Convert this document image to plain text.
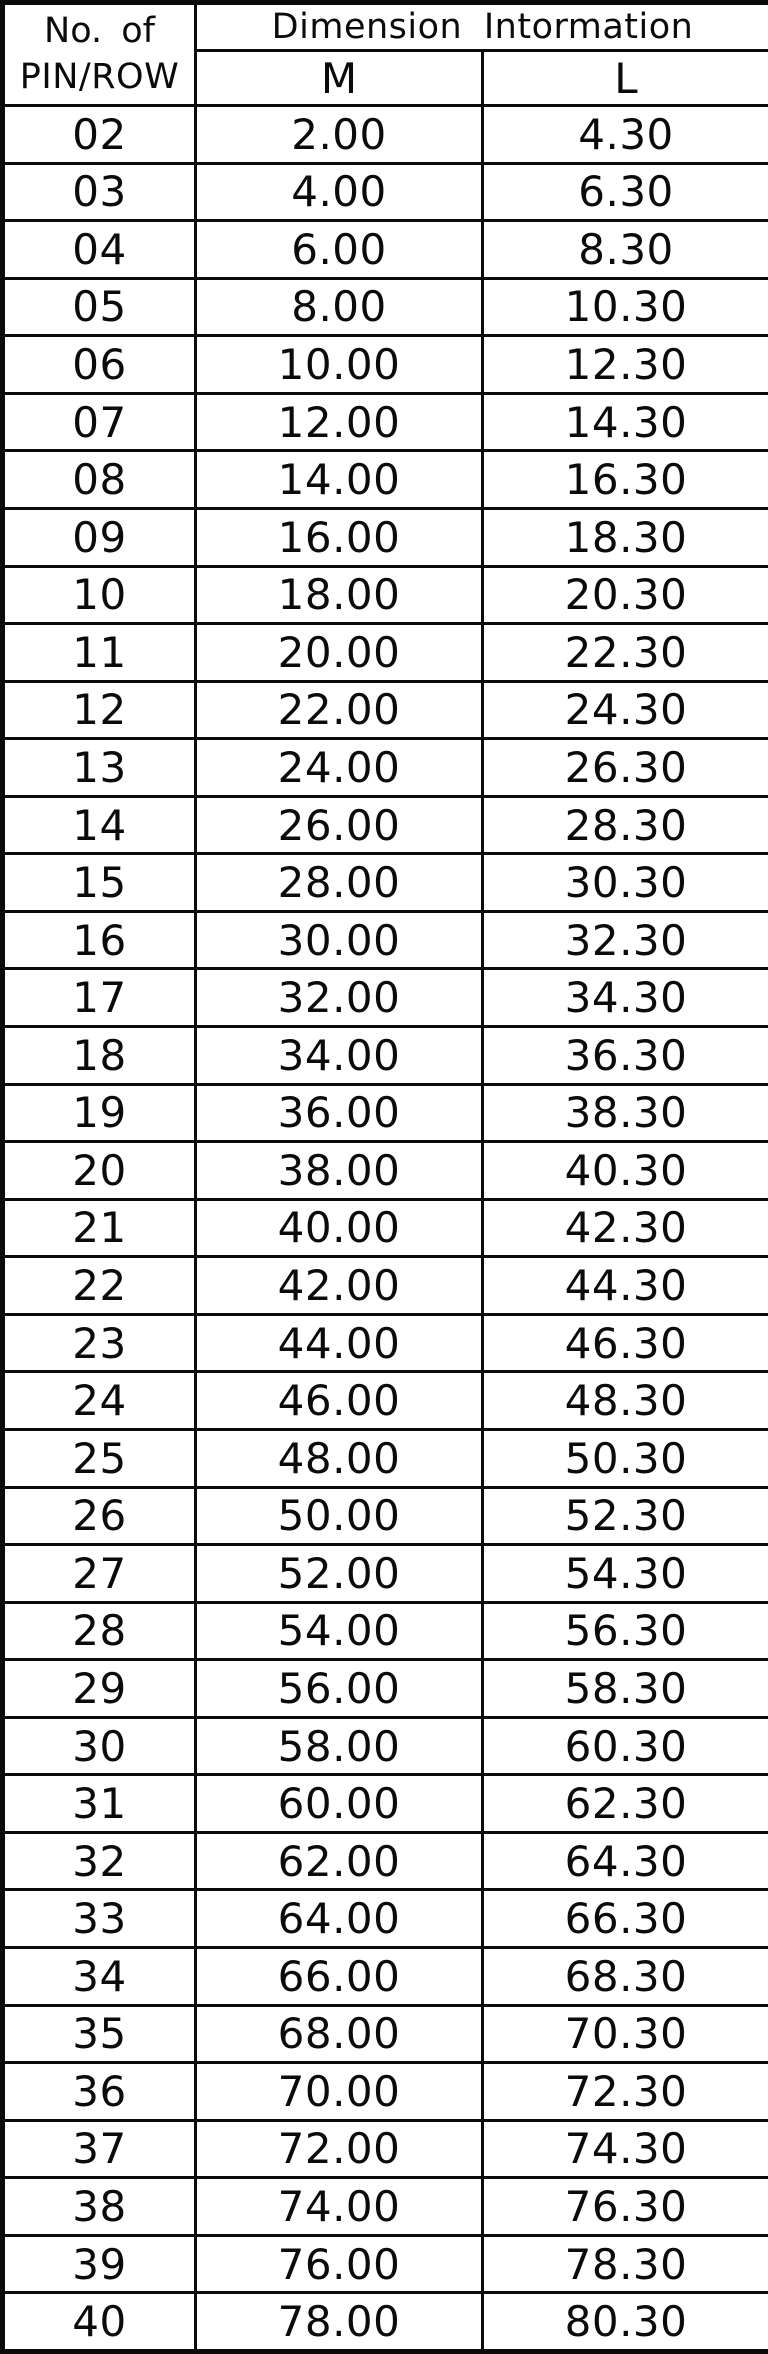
No. of
PIN/ROW	Dimension Intormation	
	M	L
02	2.00	4.30
03	4.00	6.30
04	6.00	8.30
05	8.00	10.30
06	10.00	12.30
07	12.00	14.30
08	14.00	16.30
09	16.00	18.30
10	18.00	20.30
11	20.00	22.30
12	22.00	24.30
13	24.00	26.30
14	26.00	28.30
15	28.00	30.30
16	30.00	32.30
17	32.00	34.30
18	34.00	36.30
19	36.00	38.30
20	38.00	40.30
21	40.00	42.30
22	42.00	44.30
23	44.00	46.30
24	46.00	48.30
25	48.00	50.30
26	50.00	52.30
27	52.00	54.30
28	54.00	56.30
29	56.00	58.30
30	58.00	60.30
31	60.00	62.30
32	62.00	64.30
33	64.00	66.30
34	66.00	68.30
35	68.00	70.30
36	70.00	72.30
37	72.00	74.30
38	74.00	76.30
39	76.00	78.30
40	78.00	80.30
